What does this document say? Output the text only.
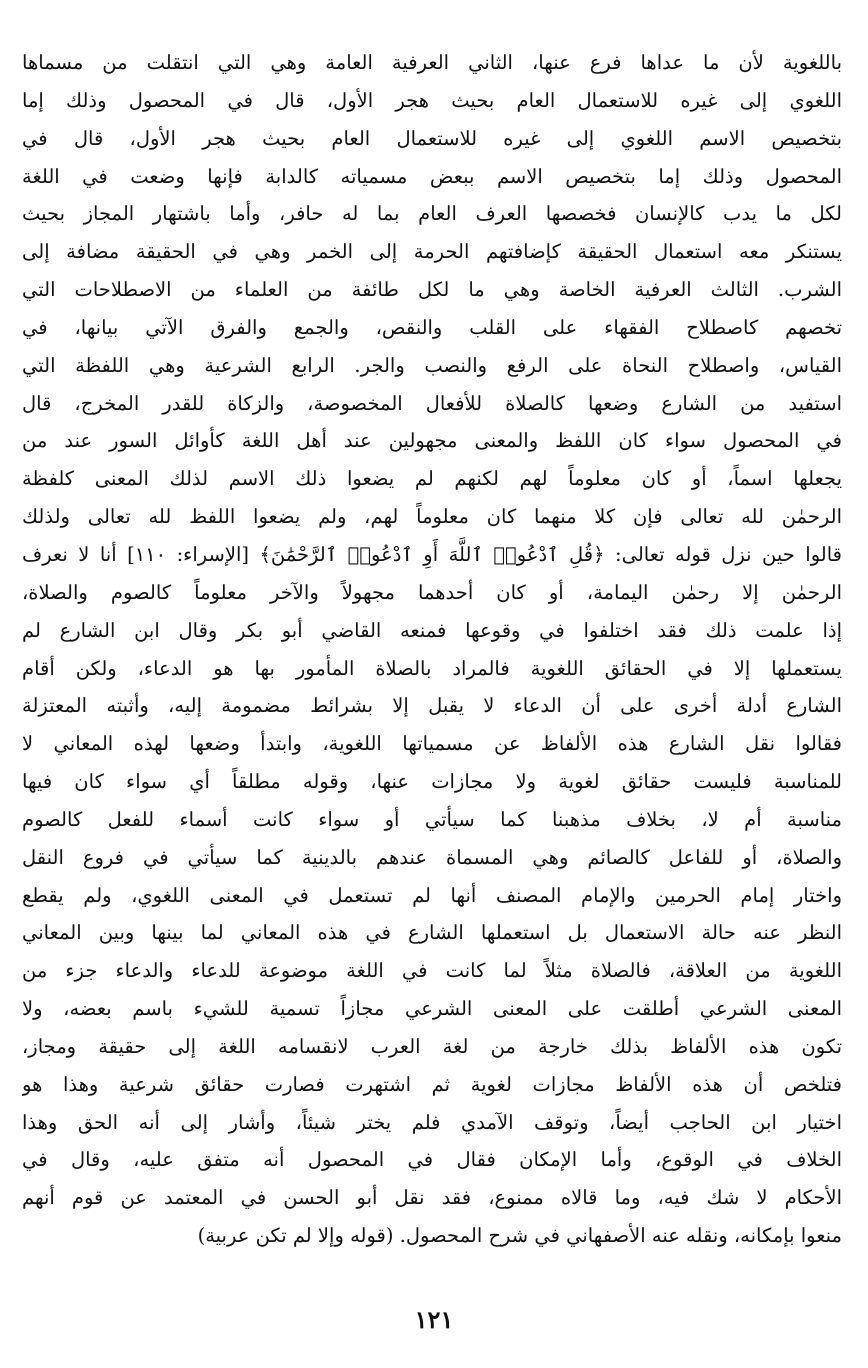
باللغوية لأن ما عداها فرع عنها، الثاني العرفية العامة وهي التي انتقلت من مسماها
اللغوي إلى غيره للاستعمال العام بحيث هجر الأول، قال في المحصول وذلك إما
بتخصيص الاسم اللغوي إلى غيره للاستعمال العام بحيث هجر الأول، قال في
المحصول وذلك إما بتخصيص الاسم ببعض مسمياته كالدابة فإنها وضعت في اللغة
لكل ما يدب كالإنسان فخصصها العرف العام بما له حافر، وأما باشتهار المجاز بحيث
يستنكر معه استعمال الحقيقة كإضافتهم الحرمة إلى الخمر وهي في الحقيقة مضافة إلى
الشرب. الثالث العرفية الخاصة وهي ما لكل طائفة من العلماء من الاصطلاحات التي
تخصهم كاصطلاح الفقهاء على القلب والنقص، والجمع والفرق الآتي بيانها، في
القياس، واصطلاح النحاة على الرفع والنصب والجر. الرابع الشرعية وهي اللفظة التي
استفيد من الشارع وضعها كالصلاة للأفعال المخصوصة، والزكاة للقدر المخرج، قال
في المحصول سواء كان اللفظ والمعنى مجهولين عند أهل اللغة كأوائل السور عند من
يجعلها اسماً، أو كان معلوماً لهم لكنهم لم يضعوا ذلك الاسم لذلك المعنى كلفظة
الرحمٰن لله تعالى فإن كلا منهما كان معلوماً لهم، ولم يضعوا اللفظ لله تعالى ولذلك
قالوا حين نزل قوله تعالى: ﴿قُلِ ٱدْعُوا۟ ٱللَّهَ أَوِ ٱدْعُوا۟ ٱلرَّحْمَٰنَ﴾ [الإسراء: ١١٠] أنا لا نعرف
الرحمٰن إلا رحمٰن اليمامة، أو كان أحدهما مجهولاً والآخر معلوماً كالصوم والصلاة،
إذا علمت ذلك فقد اختلفوا في وقوعها فمنعه القاضي أبو بكر وقال ابن الشارع لم
يستعملها إلا في الحقائق اللغوية فالمراد بالصلاة المأمور بها هو الدعاء، ولكن أقام
الشارع أدلة أخرى على أن الدعاء لا يقبل إلا بشرائط مضمومة إليه، وأثبته المعتزلة
فقالوا نقل الشارع هذه الألفاظ عن مسمياتها اللغوية، وابتدأ وضعها لهذه المعاني لا
للمناسبة فليست حقائق لغوية ولا مجازات عنها، وقوله مطلقاً أي سواء كان فيها
مناسبة أم لا، بخلاف مذهبنا كما سيأتي أو سواء كانت أسماء للفعل كالصوم
والصلاة، أو للفاعل كالصائم وهي المسماة عندهم بالدينية كما سيأتي في فروع النقل
واختار إمام الحرمين والإمام المصنف أنها لم تستعمل في المعنى اللغوي، ولم يقطع
النظر عنه حالة الاستعمال بل استعملها الشارع في هذه المعاني لما بينها وبين المعاني
اللغوية من العلاقة، فالصلاة مثلاً لما كانت في اللغة موضوعة للدعاء والدعاء جزء من
المعنى الشرعي أطلقت على المعنى الشرعي مجازاً تسمية للشيء باسم بعضه، ولا
تكون هذه الألفاظ بذلك خارجة من لغة العرب لانقسامه اللغة إلى حقيقة ومجاز،
فتلخص أن هذه الألفاظ مجازات لغوية ثم اشتهرت فصارت حقائق شرعية وهذا هو
اختيار ابن الحاجب أيضاً، وتوقف الآمدي فلم يختر شيئاً، وأشار إلى أنه الحق وهذا
الخلاف في الوقوع، وأما الإمكان فقال في المحصول أنه متفق عليه، وقال في
الأحكام لا شك فيه، وما قالاه ممنوع، فقد نقل أبو الحسن في المعتمد عن قوم أنهم
منعوا بإمكانه، ونقله عنه الأصفهاني في شرح المحصول. (قوله وإلا لم تكن عربية)
١٢١
